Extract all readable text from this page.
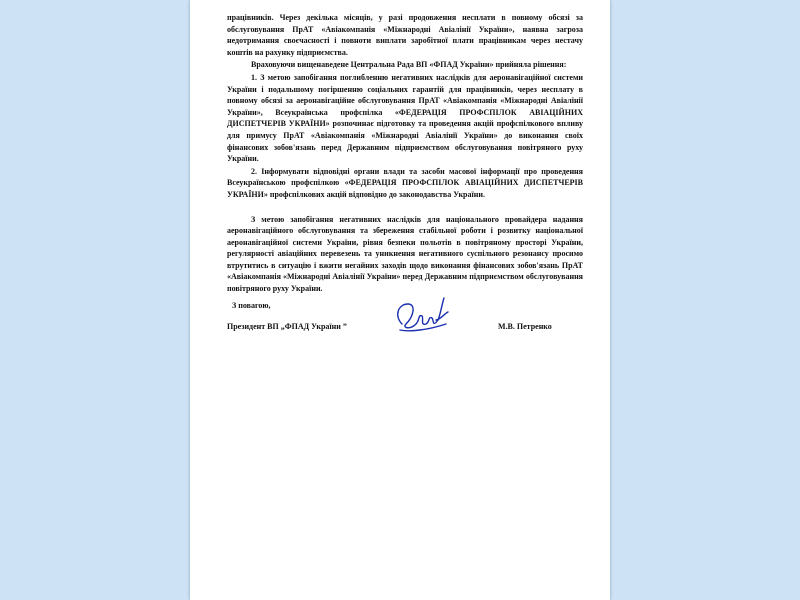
працівників. Через декілька місяців, у разі продовження несплати в повному обсязі за обслуговування ПрАТ «Авіакомпанія «Міжнародні Авіалінії України», наявна загроза недотримання своєчасності і повноти виплати заробітної плати працівникам через нестачу коштів на рахунку підприємства.

Враховуючи вищенаведене Центральна Рада ВП «ФПАД України» прийняла рішення:

1. З метою запобігання поглибленню негативних наслідків для аеронавігаційної системи України і подальшому погіршенню соціальних гарантій для працівників, через несплату в повному обсязі за аеронавігаційне обслуговування ПрАТ «Авіакомпанія «Міжнародні Авіалінії України», Всеукраїнська профспілка «ФЕДЕРАЦІЯ ПРОФСПІЛОК АВІАЦІЙНИХ ДИСПЕТЧЕРІВ УКРАЇНИ» розпочинає підготовку та проведення акцій профспілкового впливу для примусу ПрАТ «Авіакомпанія «Міжнародні Авіалінії України» до виконання своїх фінансових зобов'язань перед Державним підприємством обслуговування повітряного руху України.

2. Інформувати відповідні органи влади та засоби масової інформації про проведення Всеукраїнською профспілкою «ФЕДЕРАЦІЯ ПРОФСПІЛОК АВІАЦІЙНИХ ДИСПЕТЧЕРІВ УКРАЇНИ» профспілкових акцій відповідно до законодавства України.

З метою запобігання негативних наслідків для національного провайдера надання аеронавігаційного обслуговування та збереження стабільної роботи і розвитку національної аеронавігаційної системи України, рівня безпеки польотів в повітряному просторі України, регулярності авіаційних перевезень та уникнення негативного суспільного резонансу просимо втрутитись в ситуацію і вжити негайних заходів щодо виконання фінансових зобов'язань ПрАТ «Авіакомпанія «Міжнародні Авіалінії України» перед Державним підприємством обслуговування повітряного руху України.

З повагою,
Президент ВП „ФПАД України ”	М.В. Петренко
